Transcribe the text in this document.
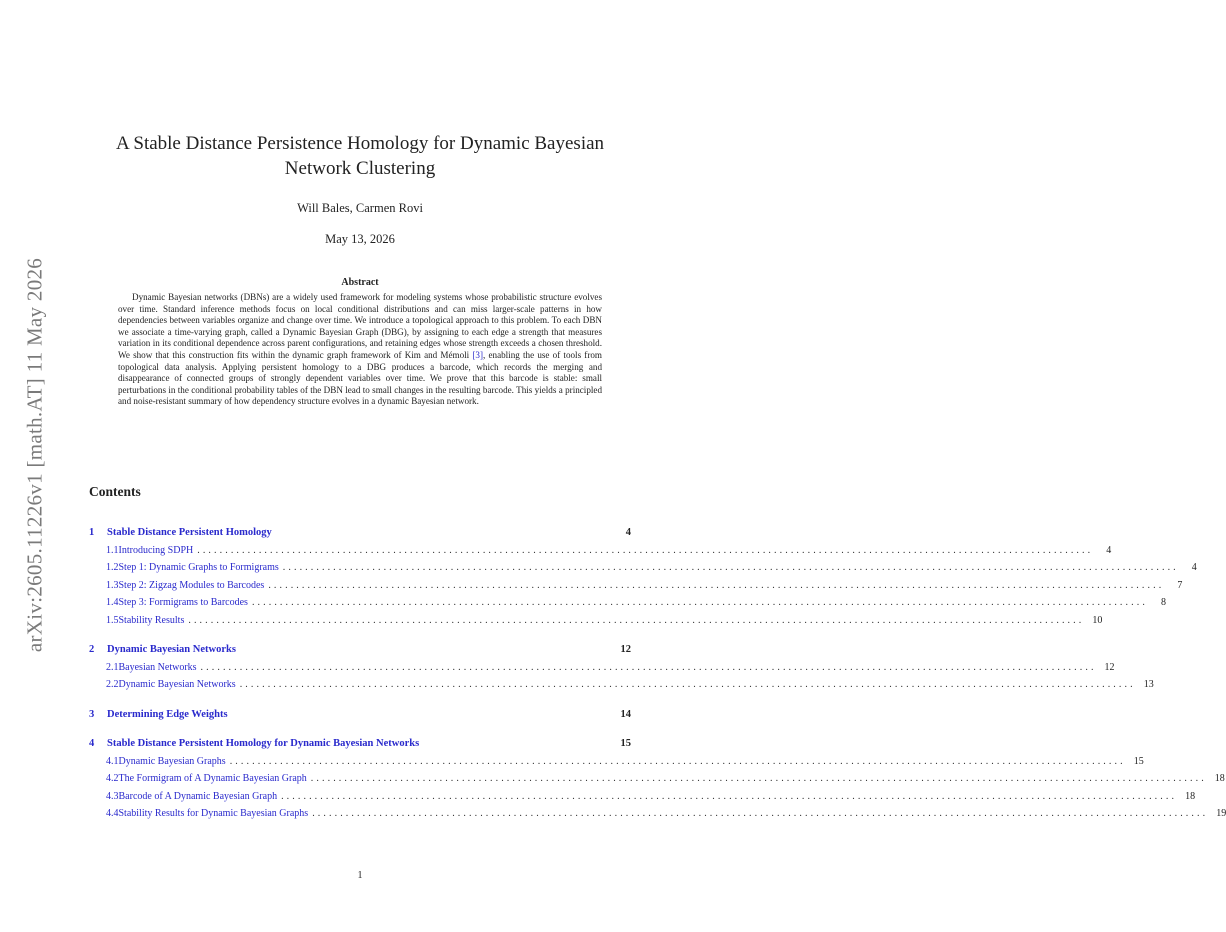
arXiv:2605.11226v1 [math.AT] 11 May 2026
A Stable Distance Persistence Homology for Dynamic Bayesian
Network Clustering
Will Bales, Carmen Rovi
May 13, 2026
Abstract

Dynamic Bayesian networks (DBNs) are a widely used framework for modeling systems whose probabilistic structure evolves over time. Standard inference methods focus on local conditional distributions and can miss larger-scale patterns in how dependencies between variables organize and change over time. We introduce a topological approach to this problem. To each DBN we associate a time-varying graph, called a Dynamic Bayesian Graph (DBG), by assigning to each edge a strength that measures variation in its conditional dependence across parent configurations, and retaining edges whose strength exceeds a chosen threshold. We show that this construction fits within the dynamic graph framework of Kim and Mémoli [3], enabling the use of tools from topological data analysis. Applying persistent homology to a DBG produces a barcode, which records the merging and disappearance of connected groups of strongly dependent variables over time. We prove that this barcode is stable: small perturbations in the conditional probability tables of the DBN lead to small changes in the resulting barcode. This yields a principled and noise-resistant summary of how dependency structure evolves in a dynamic Bayesian network.

Contents
1	Stable Distance Persistent Homology	4
1.1 Introducing SDPH ................................................................................................................................................................	4
1.2 Step 1: Dynamic Graphs to Formigrams ................................................................................................................................................................	4
1.3 Step 2: Zigzag Modules to Barcodes ................................................................................................................................................................	7
1.4 Step 3: Formigrams to Barcodes ................................................................................................................................................................	8
1.5 Stability Results ................................................................................................................................................................ 10
2	Dynamic Bayesian Networks	12
2.1 Bayesian Networks ................................................................................................................................................................ 12
2.2 Dynamic Bayesian Networks ................................................................................................................................................................ 13
3	Determining Edge Weights	14
4	Stable Distance Persistent Homology for Dynamic Bayesian Networks	15
4.1 Dynamic Bayesian Graphs ................................................................................................................................................................ 15
4.2 The Formigram of A Dynamic Bayesian Graph ................................................................................................................................................................ 18
4.3 Barcode of A Dynamic Bayesian Graph ................................................................................................................................................................ 18
4.4 Stability Results for Dynamic Bayesian Graphs ................................................................................................................................................................ 19
1
